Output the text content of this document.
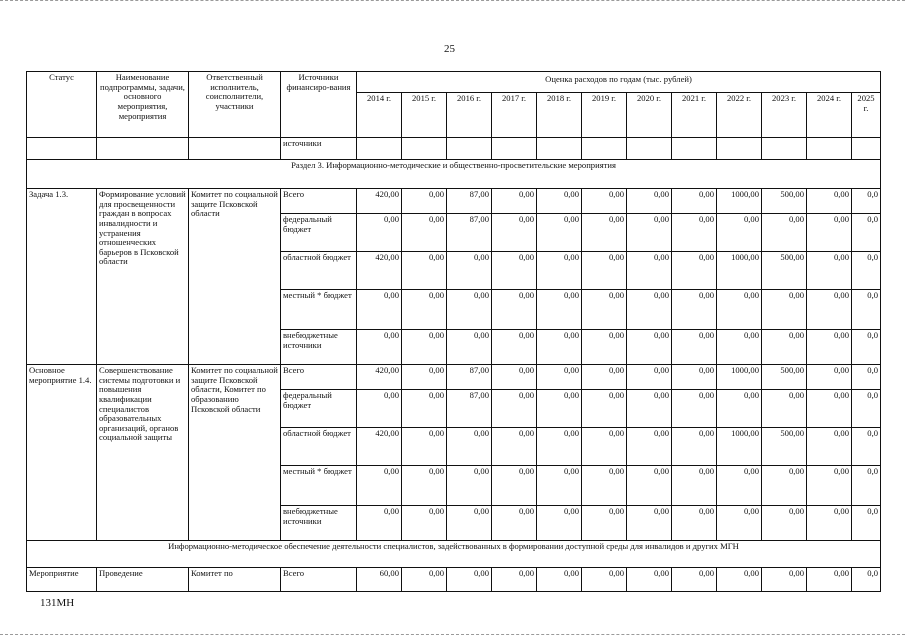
25
Статус	Наименование подпрограммы, задачи, основного мероприятия, мероприятия	Ответственный исполнитель, соисполнители, участники	Источники финансиро-вания	Оценка расходов по годам (тыс. рублей)											
				2014 г.	2015 г.	2016 г.	2017 г.	2018 г.	2019 г.	2020 г.	2021 г.	2022 г.	2023 г.	2024 г.	2025 г.
			источники												
Раздел 3. Информационно-методические и общественно-просветительские мероприятия															
Задача 1.3.	Формирование условий для просвещенности граждан в вопросах инвалидности и устранения отношенческих барьеров в Псковской области	Комитет по социальной защите Псковской области	Всего	420,00	0,00	87,00	0,00	0,00	0,00	0,00	0,00	1000,00	500,00	0,00	0,0
			федеральный бюджет	0,00	0,00	87,00	0,00	0,00	0,00	0,00	0,00	0,00	0,00	0,00	0,0
			областной бюджет	420,00	0,00	0,00	0,00	0,00	0,00	0,00	0,00	1000,00	500,00	0,00	0,0
			местный * бюджет	0,00	0,00	0,00	0,00	0,00	0,00	0,00	0,00	0,00	0,00	0,00	0,0
			внебюджетные источники	0,00	0,00	0,00	0,00	0,00	0,00	0,00	0,00	0,00	0,00	0,00	0,0
Основное мероприятие 1.4.	Совершенствование системы подготовки и повышения квалификации специалистов образовательных организаций, органов социальной защиты	Комитет по социальной защите Псковской области, Комитет по образованию Псковской области	Всего	420,00	0,00	87,00	0,00	0,00	0,00	0,00	0,00	1000,00	500,00	0,00	0,0
			федеральный бюджет	0,00	0,00	87,00	0,00	0,00	0,00	0,00	0,00	0,00	0,00	0,00	0,0
			областной бюджет	420,00	0,00	0,00	0,00	0,00	0,00	0,00	0,00	1000,00	500,00	0,00	0,0
			местный * бюджет	0,00	0,00	0,00	0,00	0,00	0,00	0,00	0,00	0,00	0,00	0,00	0,0
			внебюджетные источники	0,00	0,00	0,00	0,00	0,00	0,00	0,00	0,00	0,00	0,00	0,00	0,0
Информационно-методическое обеспечение деятельности специалистов, задействованных в формировании доступной среды для инвалидов и других МГН															
Мероприятие	Проведение	Комитет по	Всего	60,00	0,00	0,00	0,00	0,00	0,00	0,00	0,00	0,00	0,00	0,00	0,0
131МН
